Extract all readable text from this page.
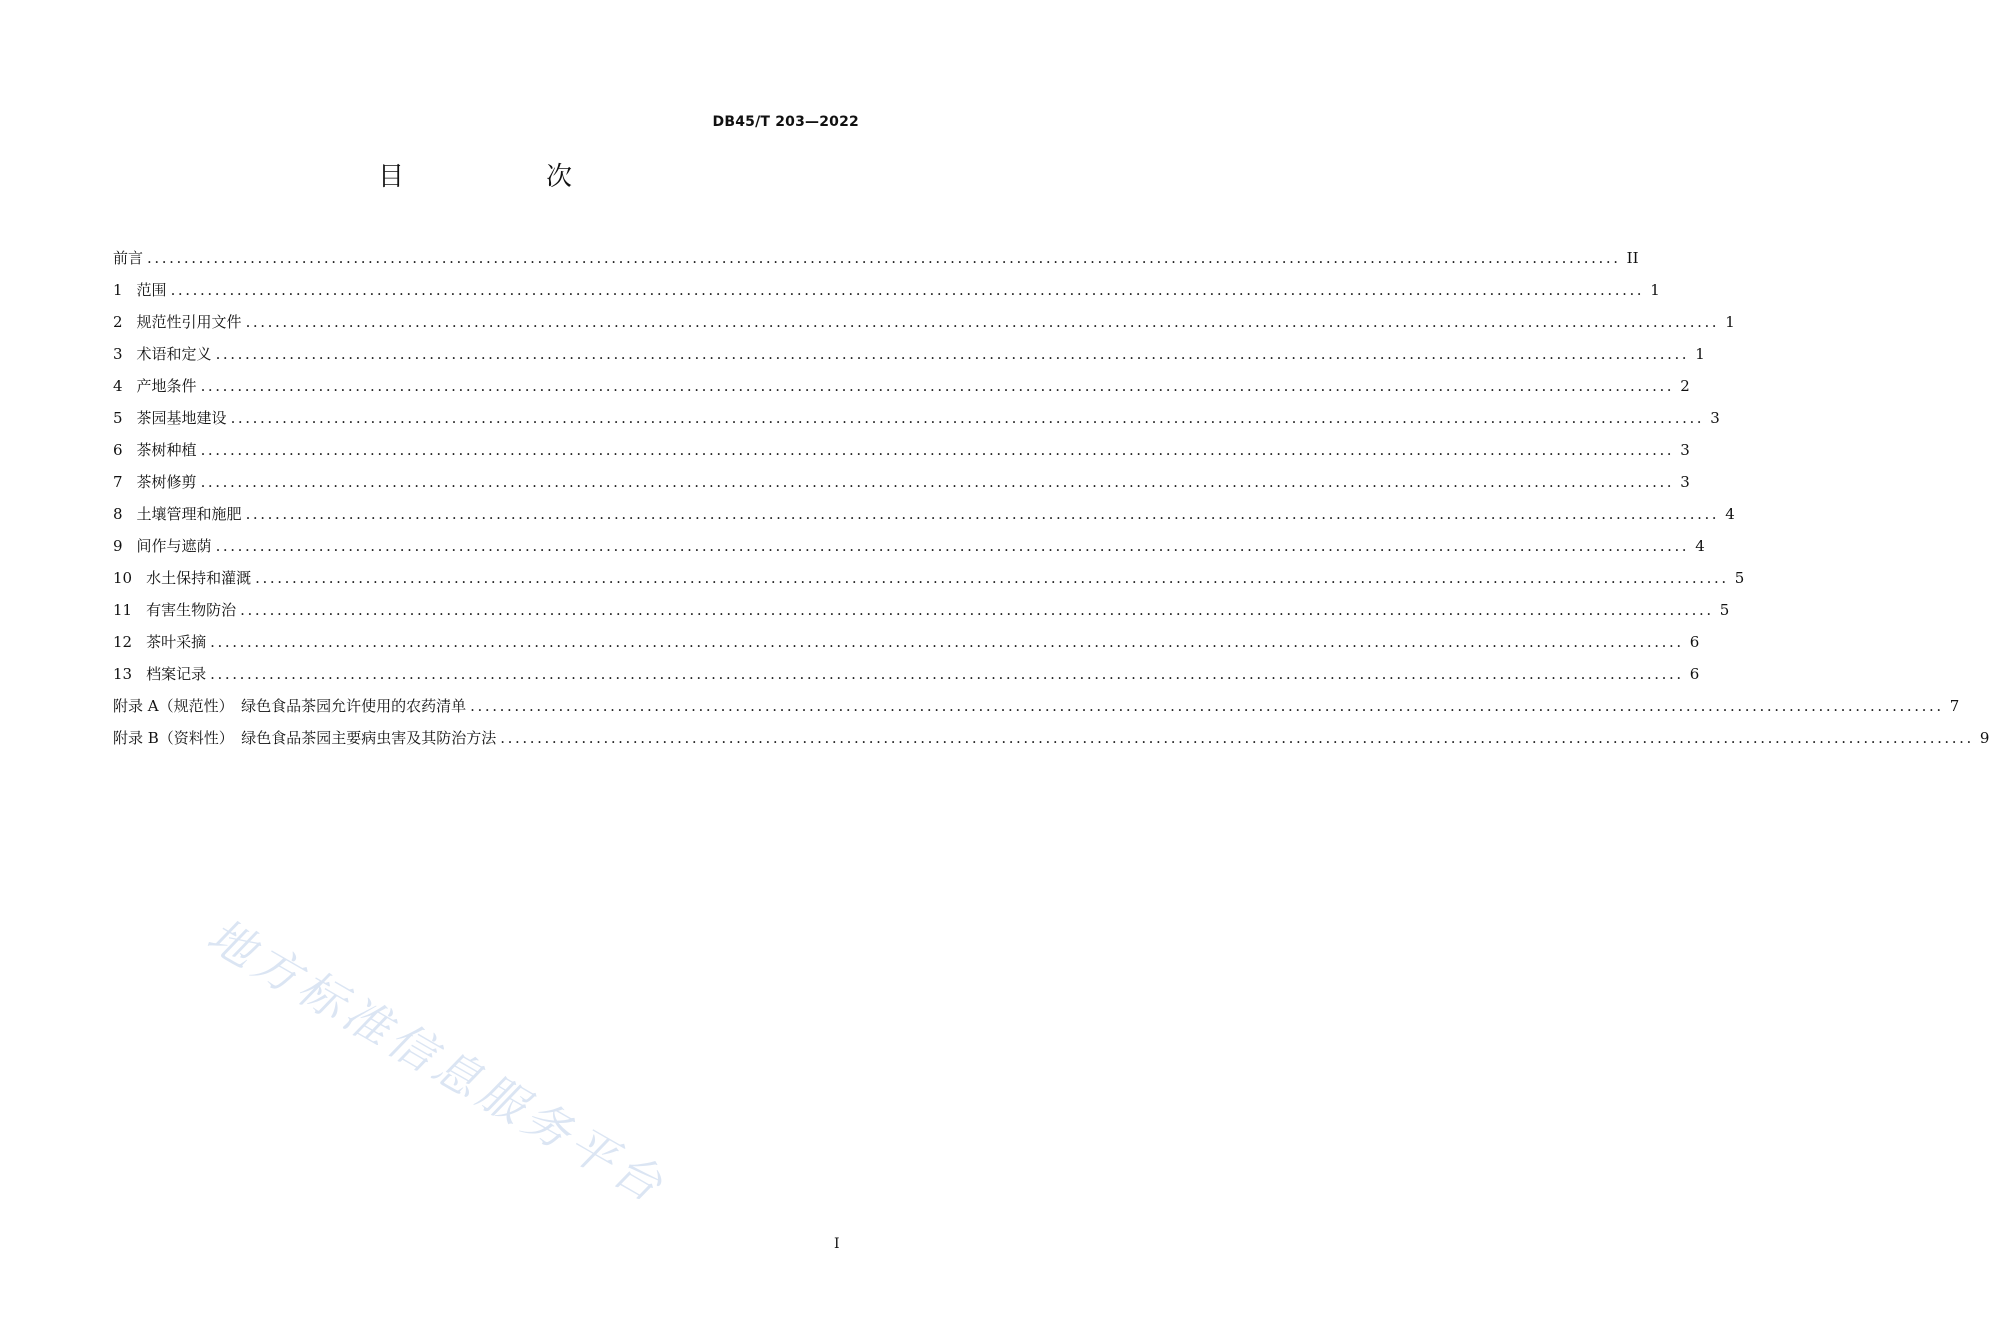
DB45/T 203—2022
目　次
前言 ........................................................................................................................................................................................................ II
1 范围 ........................................................................................................................................................................................................ 1
2 规范性引用文件 ........................................................................................................................................................................................................ 1
3 术语和定义 ........................................................................................................................................................................................................ 1
4 产地条件 ........................................................................................................................................................................................................ 2
5 茶园基地建设 ........................................................................................................................................................................................................ 3
6 茶树种植 ........................................................................................................................................................................................................ 3
7 茶树修剪 ........................................................................................................................................................................................................ 3
8 土壤管理和施肥 ........................................................................................................................................................................................................ 4
9 间作与遮荫 ........................................................................................................................................................................................................ 4
10 水土保持和灌溉 ........................................................................................................................................................................................................ 5
11 有害生物防治 ........................................................................................................................................................................................................ 5
12 茶叶采摘 ........................................................................................................................................................................................................ 6
13 档案记录 ........................................................................................................................................................................................................ 6
附录 A（规范性）　绿色食品茶园允许使用的农药清单 ........................................................................................................................................................................................................ 7
附录 B（资料性）　绿色食品茶园主要病虫害及其防治方法 ........................................................................................................................................................................................................ 9
地方标准信息服务平台
I
